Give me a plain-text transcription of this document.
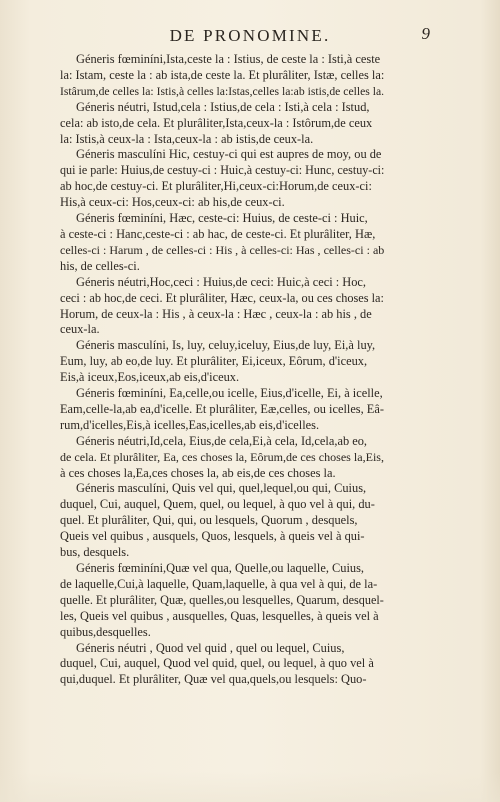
DE PRONOMINE.	9

Géneris fœminíni,Ista,ceste la : Istius, de ceste la : Isti,à ceste
la: Istam, ceste la : ab ista,de ceste la. Et plurâliter, Istæ, celles la:
Istârum,de celles la: Istis,à celles la:Istas,celles la:ab istis,de celles la.

Géneris néutri, Istud,cela : Istius,de cela : Isti,à cela : Istud,
cela: ab isto,de cela. Et plurâliter,Ista,ceux-la : Istôrum,de ceux
la: Istis,à ceux-la : Ista,ceux-la : ab istis,de ceux-la.

Géneris masculíni Hic, cestuy-ci qui est aupres de moy, ou de
qui ie parle: Huius,de cestuy-ci : Huic,à cestuy-ci: Hunc, cestuy-ci:
ab hoc,de cestuy-ci. Et plurâliter,Hi,ceux-ci:Horum,de ceux-ci:
His,à ceux-ci: Hos,ceux-ci: ab his,de ceux-ci.

Géneris fœminíni, Hæc, ceste-ci: Huius, de ceste-ci : Huic,
à ceste-ci : Hanc,ceste-ci : ab hac, de ceste-ci. Et plurâliter, Hæ,
celles-ci : Harum , de celles-ci : His , à celles-ci: Has , celles-ci : ab
his, de celles-ci.

Géneris néutri,Hoc,ceci : Huius,de ceci: Huic,à ceci : Hoc,
ceci : ab hoc,de ceci. Et plurâliter, Hæc, ceux-la, ou ces choses la:
Horum, de ceux-la : His , à ceux-la : Hæc , ceux-la : ab his , de
ceux-la.

Géneris masculíni, Is, luy, celuy,iceluy, Eius,de luy, Ei,à luy,
Eum, luy, ab eo,de luy. Et plurâliter, Ei,iceux, Eôrum, d'iceux,
Eis,à iceux,Eos,iceux,ab eis,d'iceux.

Géneris fœminíni, Ea,celle,ou icelle, Eius,d'icelle, Ei, à icelle,
Eam,celle-la,ab ea,d'icelle. Et plurâliter, Eæ,celles, ou icelles, Eâ-
rum,d'icelles,Eis,à icelles,Eas,icelles,ab eis,d'icelles.

Géneris néutri,Id,cela, Eius,de cela,Ei,à cela, Id,cela,ab eo,
de cela. Et plurâliter, Ea, ces choses la, Eôrum,de ces choses la,Eis,
à ces choses la,Ea,ces choses la, ab eis,de ces choses la.

Géneris masculíni, Quis vel qui, quel,lequel,ou qui, Cuius,
duquel, Cui, auquel, Quem, quel, ou lequel, à quo vel à qui, du-
quel. Et plurâliter, Qui, qui, ou lesquels, Quorum , desquels,
Queis vel quibus , ausquels, Quos, lesquels, à queis vel à qui-
bus, desquels.

Géneris fœminíni,Quæ vel qua, Quelle,ou laquelle, Cuius,
de laquelle,Cui,à laquelle, Quam,laquelle, à qua vel à qui, de la-
quelle. Et plurâliter, Quæ, quelles,ou lesquelles, Quarum, desquel-
les, Queis vel quibus , ausquelles, Quas, lesquelles, à queis vel à
quibus,desquelles.

Géneris néutri , Quod vel quid , quel ou lequel, Cuius,
duquel, Cui, auquel, Quod vel quid, quel, ou lequel, à quo vel à
qui,duquel. Et plurâliter, Quæ vel qua,quels,ou lesquels: Quo-
